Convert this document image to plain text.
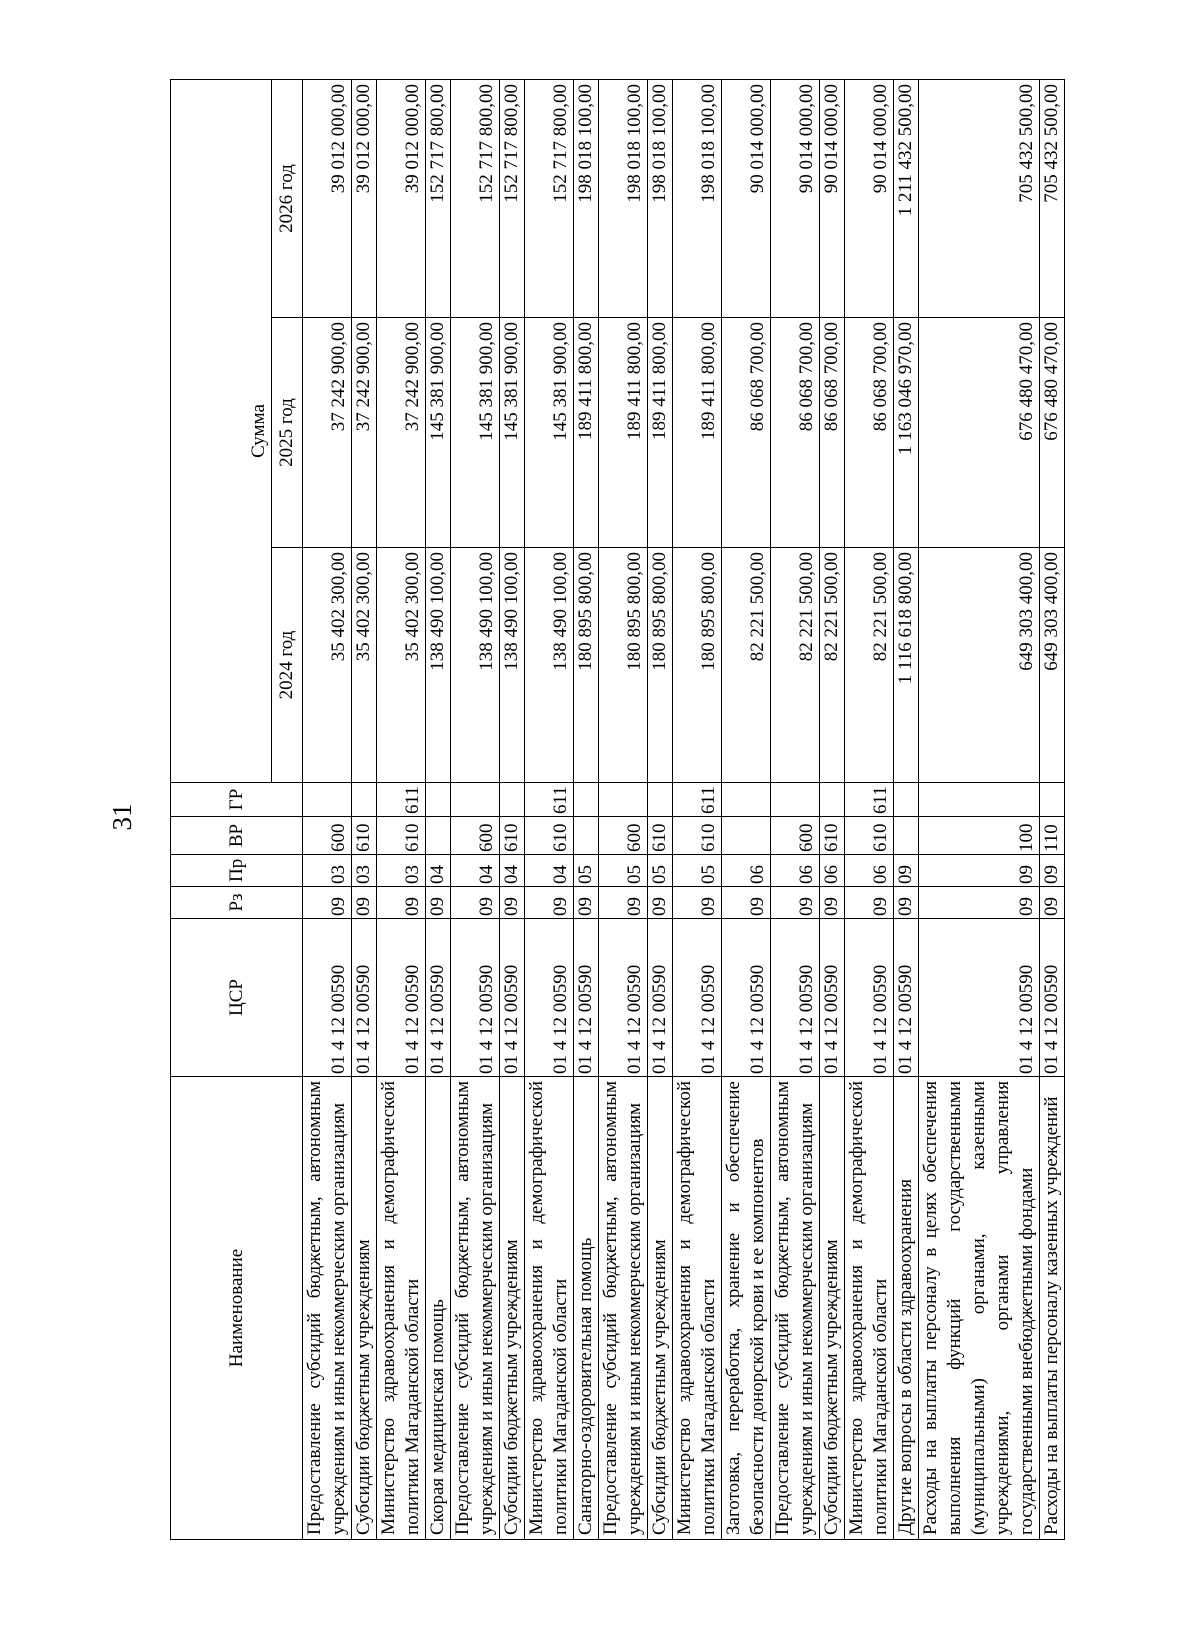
31
Наименование	ЦСР	Рз	Пр	ВР	ГР	Сумма		
						2024 год	2025 год	2026 год
Предоставление субсидий бюджетным, автономным учреждениям и иным некоммерческим организациям	01 4 12 00590	09	03	600		35 402 300,00	37 242 900,00	39 012 000,00
Субсидии бюджетным учреждениям	01 4 12 00590	09	03	610		35 402 300,00	37 242 900,00	39 012 000,00
Министерство здравоохранения и демографической политики Магаданской области	01 4 12 00590	09	03	610	611	35 402 300,00	37 242 900,00	39 012 000,00
Скорая медицинская помощь	01 4 12 00590	09	04			138 490 100,00	145 381 900,00	152 717 800,00
Предоставление субсидий бюджетным, автономным учреждениям и иным некоммерческим организациям	01 4 12 00590	09	04	600		138 490 100,00	145 381 900,00	152 717 800,00
Субсидии бюджетным учреждениям	01 4 12 00590	09	04	610		138 490 100,00	145 381 900,00	152 717 800,00
Министерство здравоохранения и демографической политики Магаданской области	01 4 12 00590	09	04	610	611	138 490 100,00	145 381 900,00	152 717 800,00
Санаторно-оздоровительная помощь	01 4 12 00590	09	05			180 895 800,00	189 411 800,00	198 018 100,00
Предоставление субсидий бюджетным, автономным учреждениям и иным некоммерческим организациям	01 4 12 00590	09	05	600		180 895 800,00	189 411 800,00	198 018 100,00
Субсидии бюджетным учреждениям	01 4 12 00590	09	05	610		180 895 800,00	189 411 800,00	198 018 100,00
Министерство здравоохранения и демографической политики Магаданской области	01 4 12 00590	09	05	610	611	180 895 800,00	189 411 800,00	198 018 100,00
Заготовка, переработка, хранение и обеспечение безопасности донорской крови и ее компонентов	01 4 12 00590	09	06			82 221 500,00	86 068 700,00	90 014 000,00
Предоставление субсидий бюджетным, автономным учреждениям и иным некоммерческим организациям	01 4 12 00590	09	06	600		82 221 500,00	86 068 700,00	90 014 000,00
Субсидии бюджетным учреждениям	01 4 12 00590	09	06	610		82 221 500,00	86 068 700,00	90 014 000,00
Министерство здравоохранения и демографической политики Магаданской области	01 4 12 00590	09	06	610	611	82 221 500,00	86 068 700,00	90 014 000,00
Другие вопросы в области здравоохранения	01 4 12 00590	09	09			1 116 618 800,00	1 163 046 970,00	1 211 432 500,00
Расходы на выплаты персоналу в целях обеспечения выполнения функций государственными (муниципальными) органами, казенными учреждениями, органами управления государственными внебюджетными фондами	01 4 12 00590	09	09	100		649 303 400,00	676 480 470,00	705 432 500,00
Расходы на выплаты персоналу казенных учреждений	01 4 12 00590	09	09	110		649 303 400,00	676 480 470,00	705 432 500,00
